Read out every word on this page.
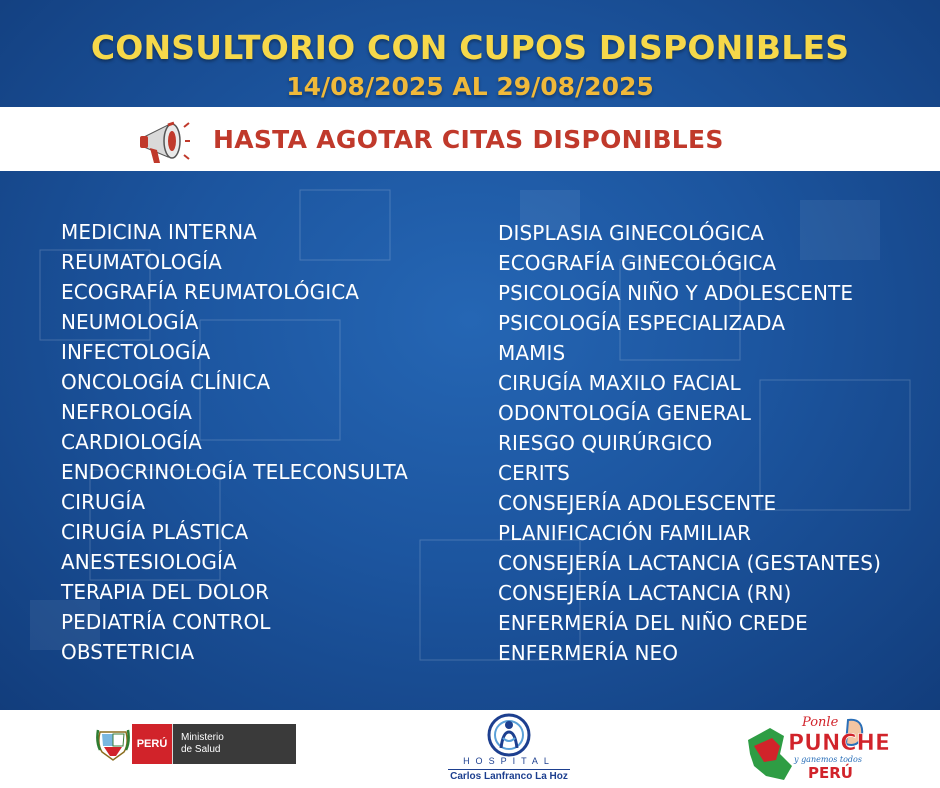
CONSULTORIO CON CUPOS DISPONIBLES
14/08/2025 AL 29/08/2025
HASTA AGOTAR CITAS DISPONIBLES
MEDICINA INTERNA
REUMATOLOGÍA
ECOGRAFÍA REUMATOLÓGICA
NEUMOLOGÍA
INFECTOLOGÍA
ONCOLOGÍA CLÍNICA
NEFROLOGÍA
CARDIOLOGÍA
ENDOCRINOLOGÍA TELECONSULTA
CIRUGÍA
CIRUGÍA PLÁSTICA
ANESTESIOLOGÍA
TERAPIA DEL DOLOR
PEDIATRÍA CONTROL
OBSTETRICIA
DISPLASIA GINECOLÓGICA
ECOGRAFÍA GINECOLÓGICA
PSICOLOGÍA NIÑO Y ADOLESCENTE
PSICOLOGÍA ESPECIALIZADA
MAMIS
CIRUGÍA MAXILO FACIAL
ODONTOLOGÍA GENERAL
RIESGO QUIRÚRGICO
CERITS
CONSEJERÍA ADOLESCENTE
PLANIFICACIÓN FAMILIAR
CONSEJERÍA LACTANCIA (GESTANTES)
CONSEJERÍA LACTANCIA (RN)
ENFERMERÍA DEL NIÑO CREDE
ENFERMERÍA NEO
PERÚ
Ministerio
de Salud
HOSPITAL
Carlos Lanfranco La Hoz
Ponle
PUNCHE
y ganemos todos
PERÚ
